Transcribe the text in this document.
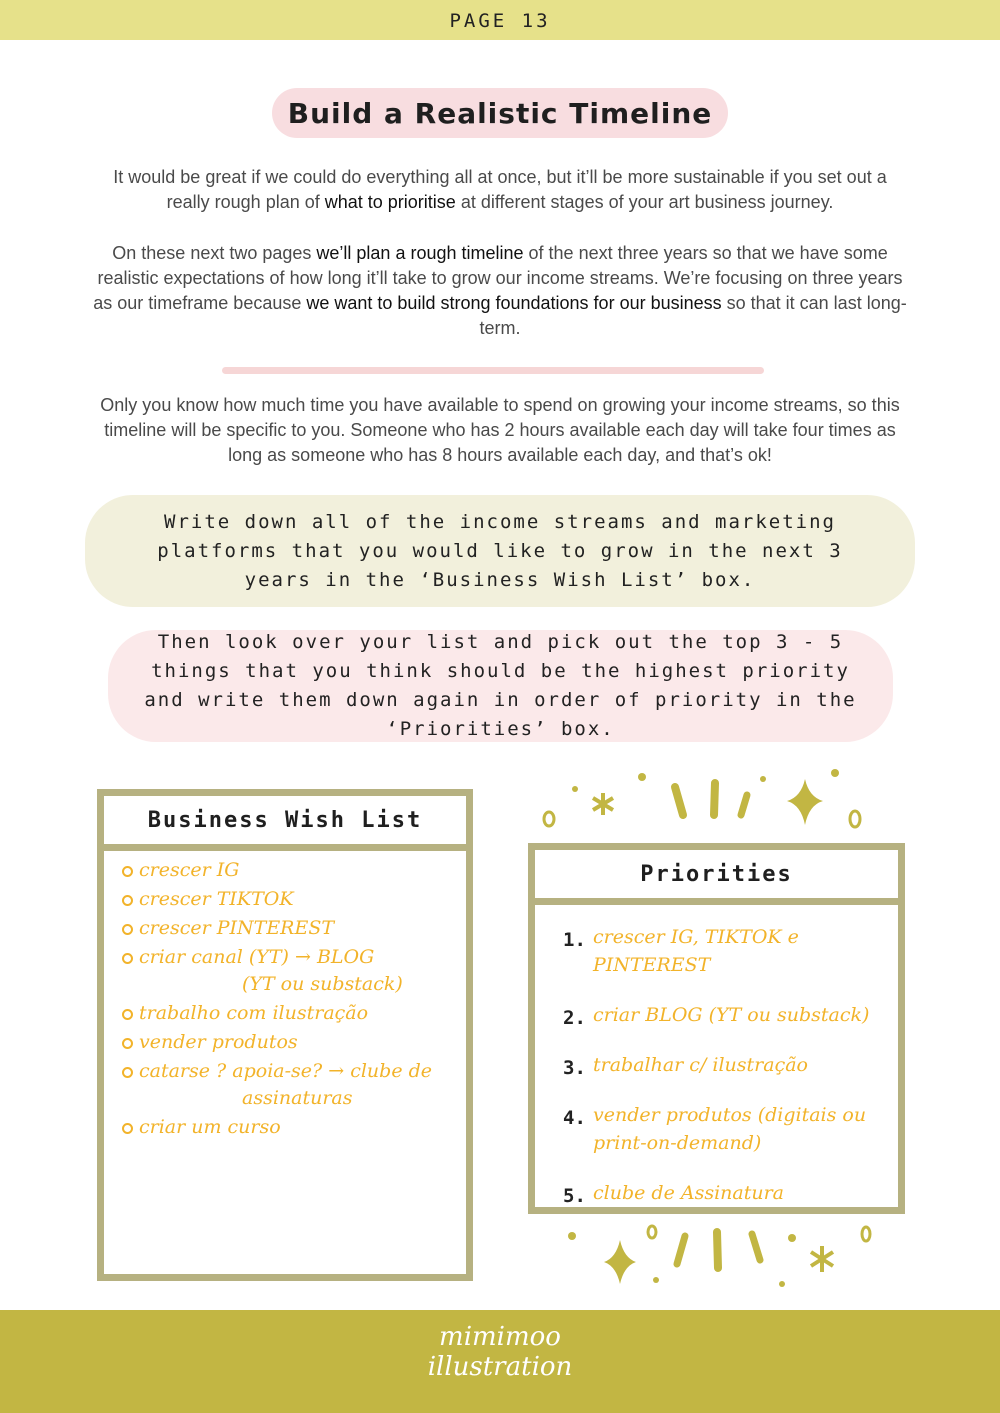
PAGE 13
Build a Realistic Timeline
It would be great if we could do everything all at once, but it’ll be more sustainable if you set out a really rough plan of what to prioritise at different stages of your art business journey.
On these next two pages we’ll plan a rough timeline of the next three years so that we have some realistic expectations of how long it’ll take to grow our income streams. We’re focusing on three years as our timeframe because we want to build strong foundations for our business so that it can last long-term.
Only you know how much time you have available to spend on growing your income streams, so this timeline will be specific to you. Someone who has 2 hours available each day will take four times as long as someone who has 8 hours available each day, and that’s ok!
Write down all of the income streams and marketing platforms that you would like to grow in the next 3 years in the ‘Business Wish List’ box.
Then look over your list and pick out the top 3 - 5 things that you think should be the highest priority and write them down again in order of priority in the ‘Priorities’ box.
Business Wish List
crescer IG
crescer TIKTOK
crescer PINTEREST
criar canal (YT) → BLOG
(YT ou substack)
trabalho com ilustração
vender produtos
catarse ? apoia-se? → clube de
assinaturas
criar um curso
Priorities
1. crescer IG, TIKTOK e PINTEREST
2. criar BLOG (YT ou substack)
3. trabalhar c/ ilustração
4. vender produtos (digitais ou print-on-demand)
5. clube de Assinatura
mimimoo
illustration
